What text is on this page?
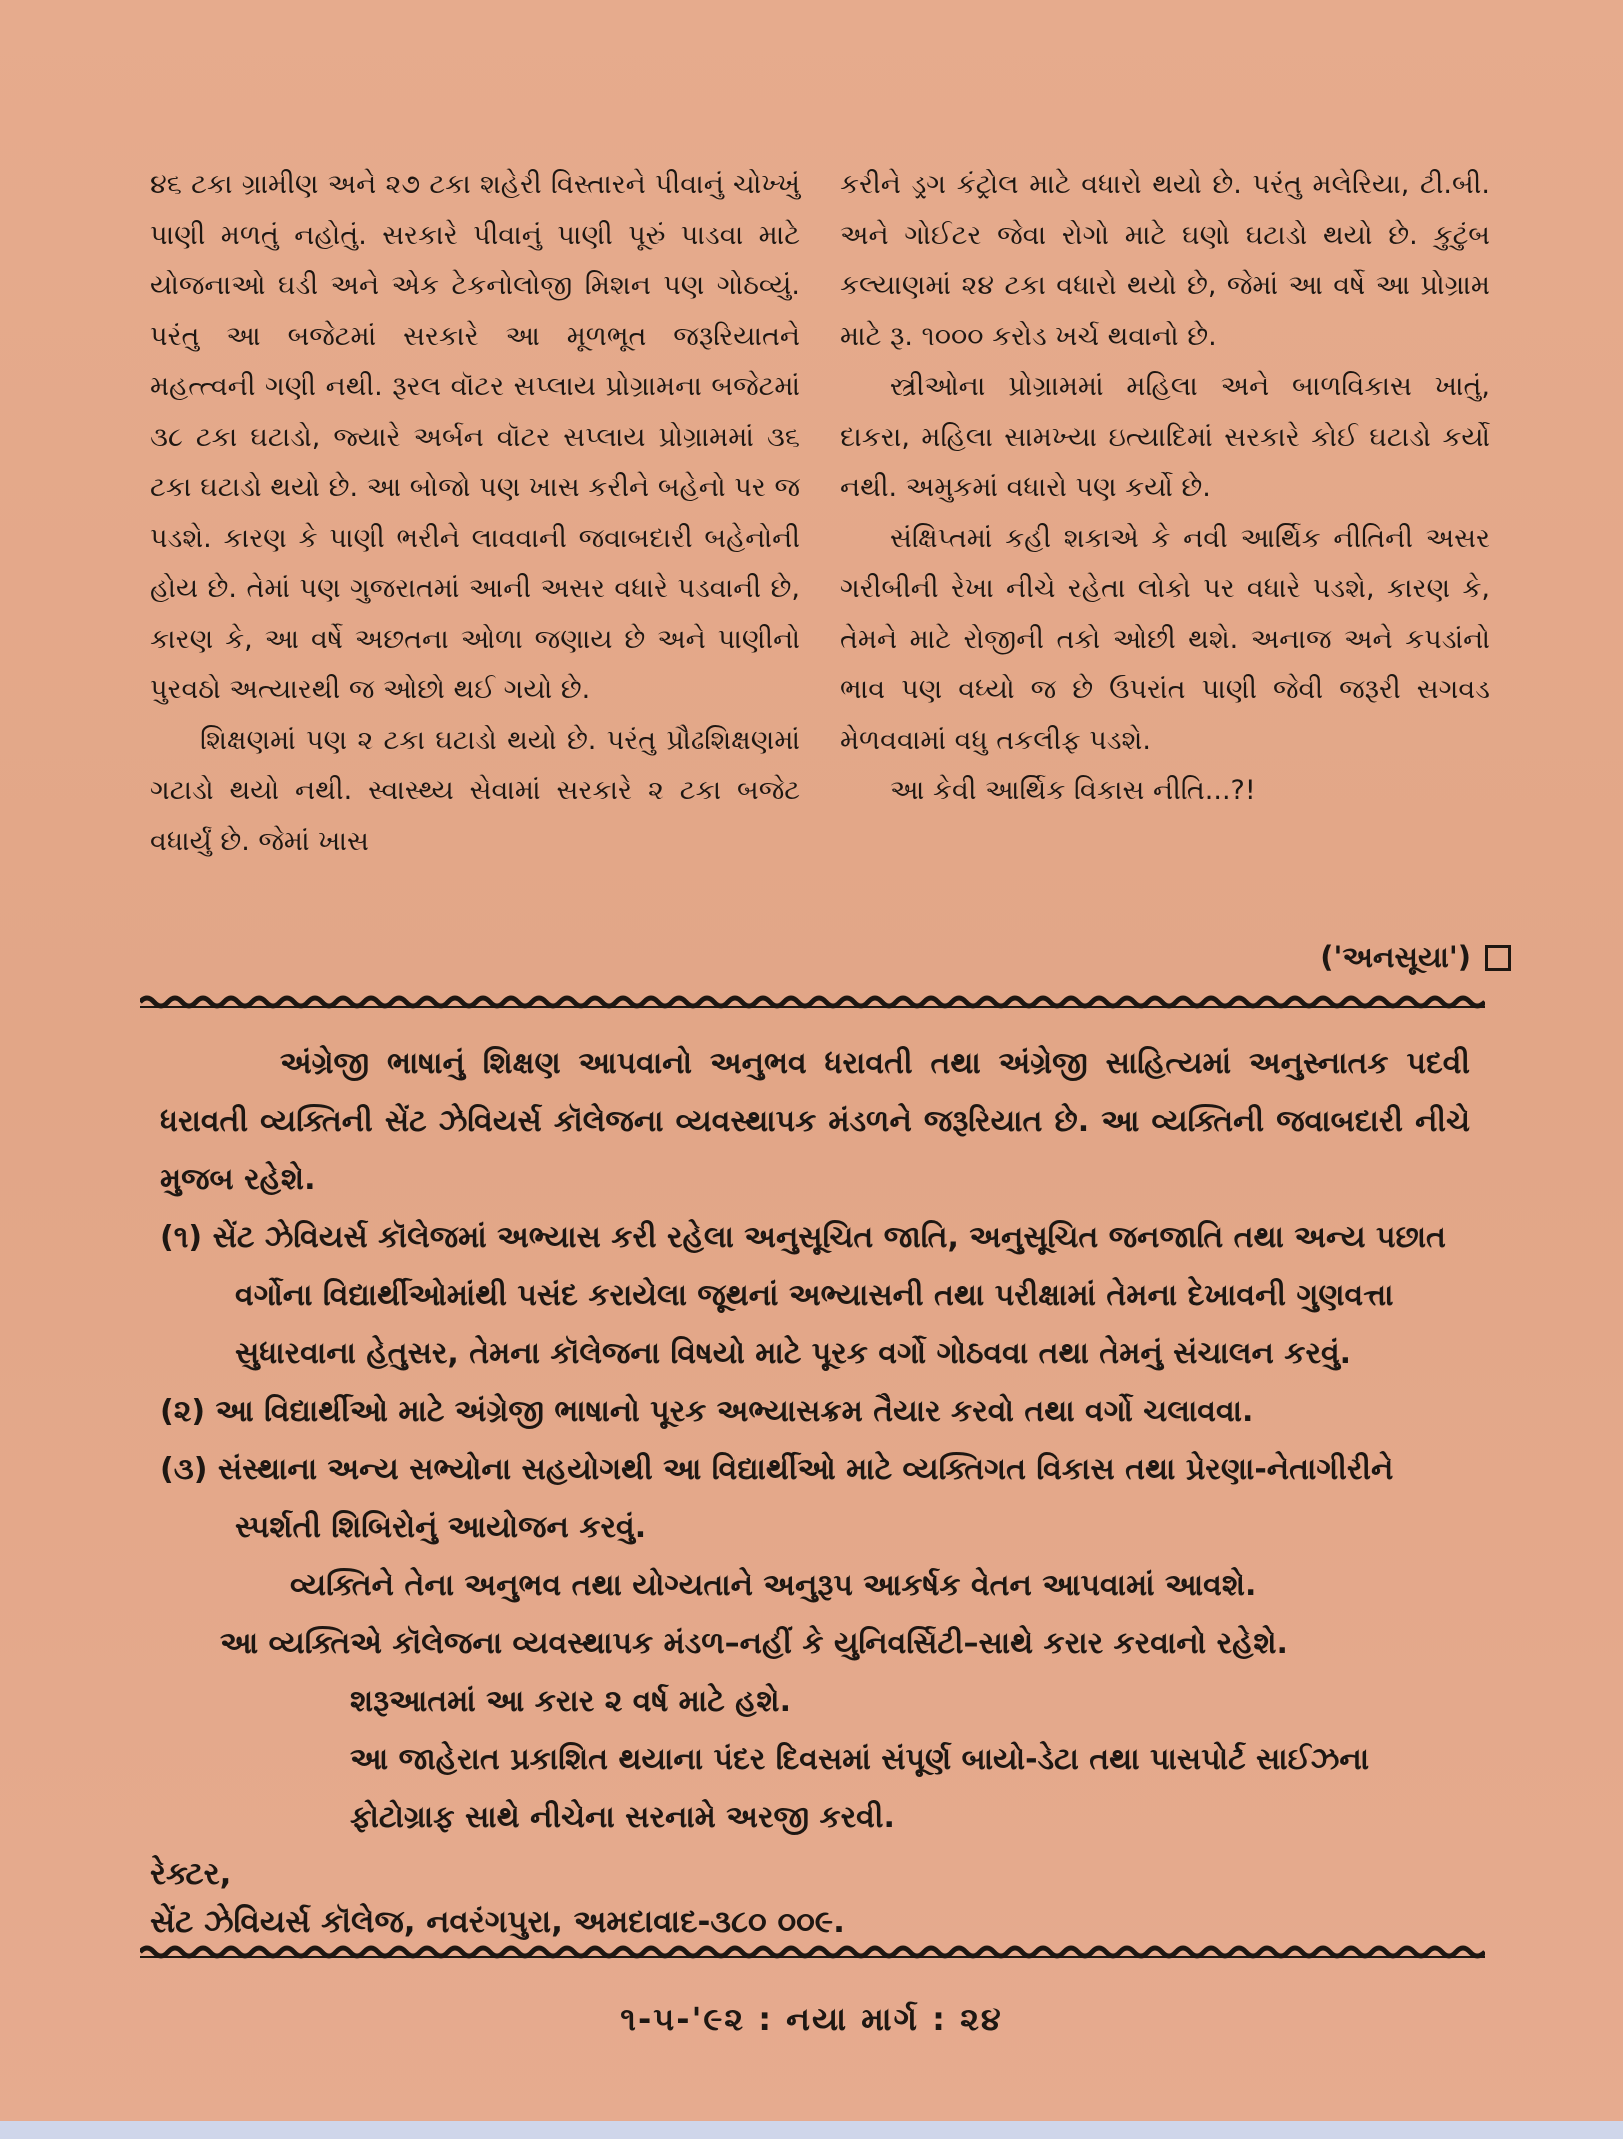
૪૬ ટકા ગ્રામીણ અને ૨૭ ટકા શહેરી વિસ્તારને પીવાનું ચોખ્ખું પાણી મળતું નહોતું. સરકારે પીવાનું પાણી પૂરું પાડવા માટે યોજનાઓ ઘડી અને એક ટેકનોલોજી મિશન પણ ગોઠવ્યું. પરંતુ આ બજેટમાં સરકારે આ મૂળભૂત જરૂરિયાતને મહત્ત્વની ગણી નથી. રૂરલ વૉટર સપ્લાય પ્રોગ્રામના બજેટમાં ૩૮ ટકા ઘટાડો, જ્યારે અર્બન વૉટર સપ્લાય પ્રોગ્રામમાં ૩૬ ટકા ઘટાડો થયો છે. આ બોજો પણ ખાસ કરીને બહેનો પર જ પડશે. કારણ કે પાણી ભરીને લાવવાની જવાબદારી બહેનોની હોય છે. તેમાં પણ ગુજરાતમાં આની અસર વધારે પડવાની છે, કારણ કે, આ વર્ષે અછતના ઓળા જણાય છે અને પાણીનો પુરવઠો અત્યારથી જ ઓછો થઈ ગયો છે.

શિક્ષણમાં પણ ૨ ટકા ઘટાડો થયો છે. પરંતુ પ્રૌઢશિક્ષણમાં ગટાડો થયો નથી. સ્વાસ્થ્ય સેવામાં સરકારે ૨ ટકા બજેટ વધાર્યું છે. જેમાં ખાસ

કરીને ડ્રગ કંટ્રોલ માટે વધારો થયો છે. પરંતુ મલેરિયા, ટી.બી. અને ગોઈટર જેવા રોગો માટે ઘણો ઘટાડો થયો છે. કુટુંબ કલ્યાણમાં ૨૪ ટકા વધારો થયો છે, જેમાં આ વર્ષે આ પ્રોગ્રામ માટે રૂ. ૧૦૦૦ કરોડ ખર્ચ થવાનો છે.

સ્ત્રીઓના પ્રોગ્રામમાં મહિલા અને બાળવિકાસ ખાતું, દાકરા, મહિલા સામખ્યા ઇત્યાદિમાં સરકારે કોઈ ઘટાડો કર્યો નથી. અમુકમાં વધારો પણ કર્યો છે.

સંક્ષિપ્તમાં કહી શકાએ કે નવી આર્થિક નીતિની અસર ગરીબીની રેખા નીચે રહેતા લોકો પર વધારે પડશે, કારણ કે, તેમને માટે રોજીની તકો ઓછી થશે. અનાજ અને કપડાંનો ભાવ પણ વધ્યો જ છે ઉપરાંત પાણી જેવી જરૂરી સગવડ મેળવવામાં વધુ તકલીફ પડશે.

આ કેવી આર્થિક વિકાસ નીતિ...?!

('અનસૂયા')

અંગ્રેજી ભાષાનું શિક્ષણ આપવાનો અનુભવ ધરાવતી તથા અંગ્રેજી સાહિત્યમાં અનુસ્નાતક પદવી ધરાવતી વ્યક્તિની સેંટ ઝેવિયર્સ કૉલેજના વ્યવસ્થાપક મંડળને જરૂરિયાત છે. આ વ્યક્તિની જવાબદારી નીચે મુજબ રહેશે.

(૧) સેંટ ઝેવિયર્સ કૉલેજમાં અભ્યાસ કરી રહેલા અનુસૂચિત જાતિ, અનુસૂચિત જનજાતિ તથા અન્ય પછાત વર્ગોના વિદ્યાર્થીઓમાંથી પસંદ કરાયેલા જૂથનાં અભ્યાસની તથા પરીક્ષામાં તેમના દેખાવની ગુણવત્તા સુધારવાના હેતુસર, તેમના કૉલેજના વિષયો માટે પૂરક વર્ગો ગોઠવવા તથા તેમનું સંચાલન કરવું.

(૨) આ વિદ્યાર્થીઓ માટે અંગ્રેજી ભાષાનો પૂરક અભ્યાસક્રમ તૈયાર કરવો તથા વર્ગો ચલાવવા.

(૩) સંસ્થાના અન્ય સભ્યોના સહયોગથી આ વિદ્યાર્થીઓ માટે વ્યક્તિગત વિકાસ તથા પ્રેરણા-નેતાગીરીને સ્પર્શતી શિબિરોનું આયોજન કરવું.

વ્યક્તિને તેના અનુભવ તથા યોગ્યતાને અનુરૂપ આકર્ષક વેતન આપવામાં આવશે.

આ વ્યક્તિએ કૉલેજના વ્યવસ્થાપક મંડળ–નહીં કે યુનિવર્સિટી–સાથે કરાર કરવાનો રહેશે.

શરૂઆતમાં આ કરાર ૨ વર્ષ માટે હશે.

આ જાહેરાત પ્રકાશિત થયાના પંદર દિવસમાં સંપૂર્ણ બાયો-ડેટા તથા પાસપોર્ટ સાઈઝના ફોટોગ્રાફ સાથે નીચેના સરનામે અરજી કરવી.

રેક્ટર,

સેંટ ઝેવિયર્સ કૉલેજ, નવરંગપુરા, અમદાવાદ-૩૮૦ ૦૦૯.

૧-૫-'૯૨ : નયા માર્ગ : ૨૪
